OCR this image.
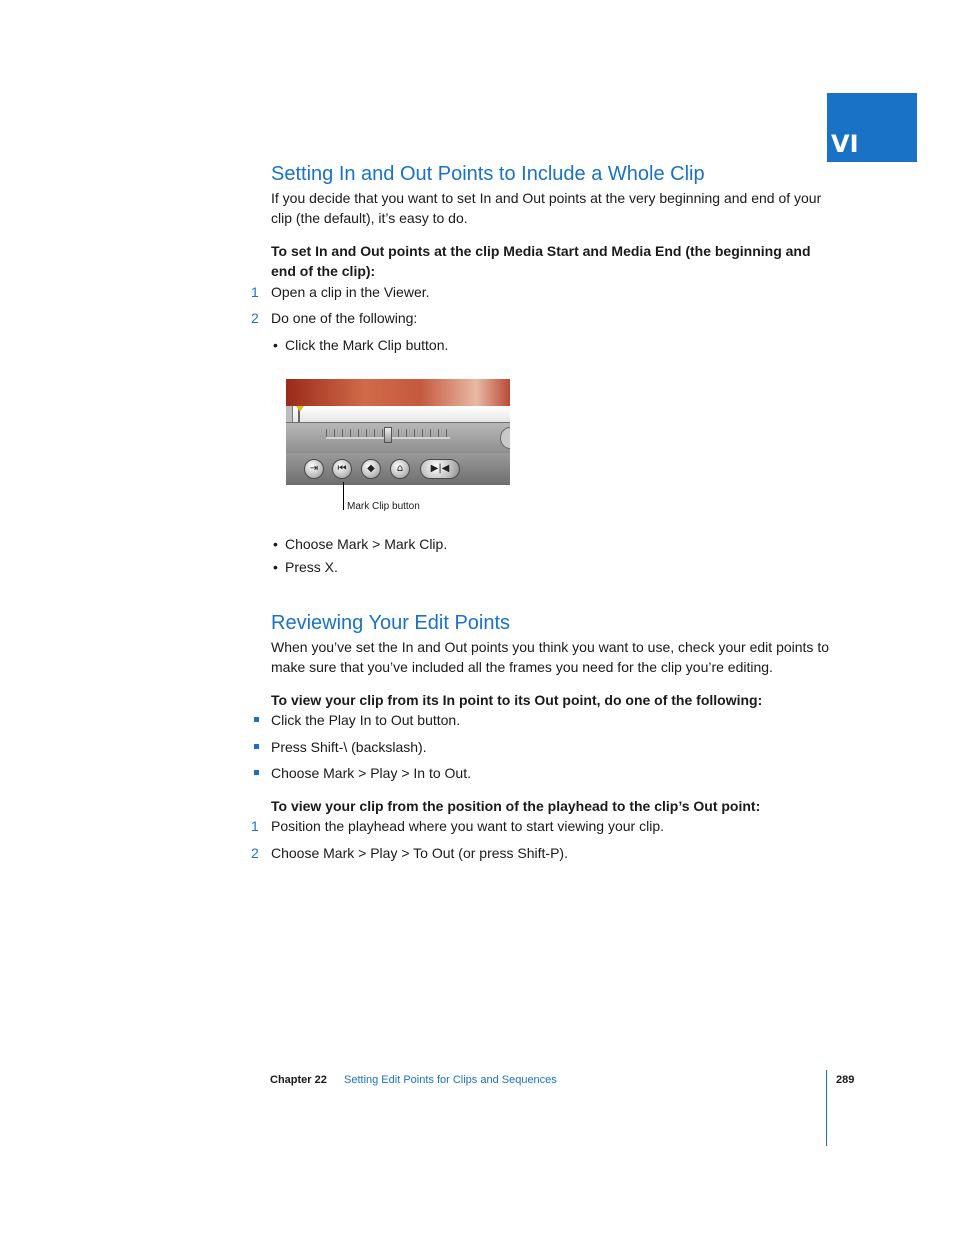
VI
Setting In and Out Points to Include a Whole Clip
If you decide that you want to set In and Out points at the very beginning and end of your clip (the default), it’s easy to do.
To set In and Out points at the clip Media Start and Media End (the beginning and end of the clip):
1 Open a clip in the Viewer.
2 Do one of the following:
• Click the Mark Clip button.
⇥	⏮	◆	⌂	▶|◀
Mark Clip button
• Choose Mark > Mark Clip.
• Press X.
Reviewing Your Edit Points
When you’ve set the In and Out points you think you want to use, check your edit points to make sure that you’ve included all the frames you need for the clip you’re editing.
To view your clip from its In point to its Out point, do one of the following:
Click the Play In to Out button.
Press Shift-\ (backslash).
Choose Mark > Play > In to Out.
To view your clip from the position of the playhead to the clip’s Out point:
1 Position the playhead where you want to start viewing your clip.
2 Choose Mark > Play > To Out (or press Shift-P).
Chapter 22 Setting Edit Points for Clips and Sequences	289
